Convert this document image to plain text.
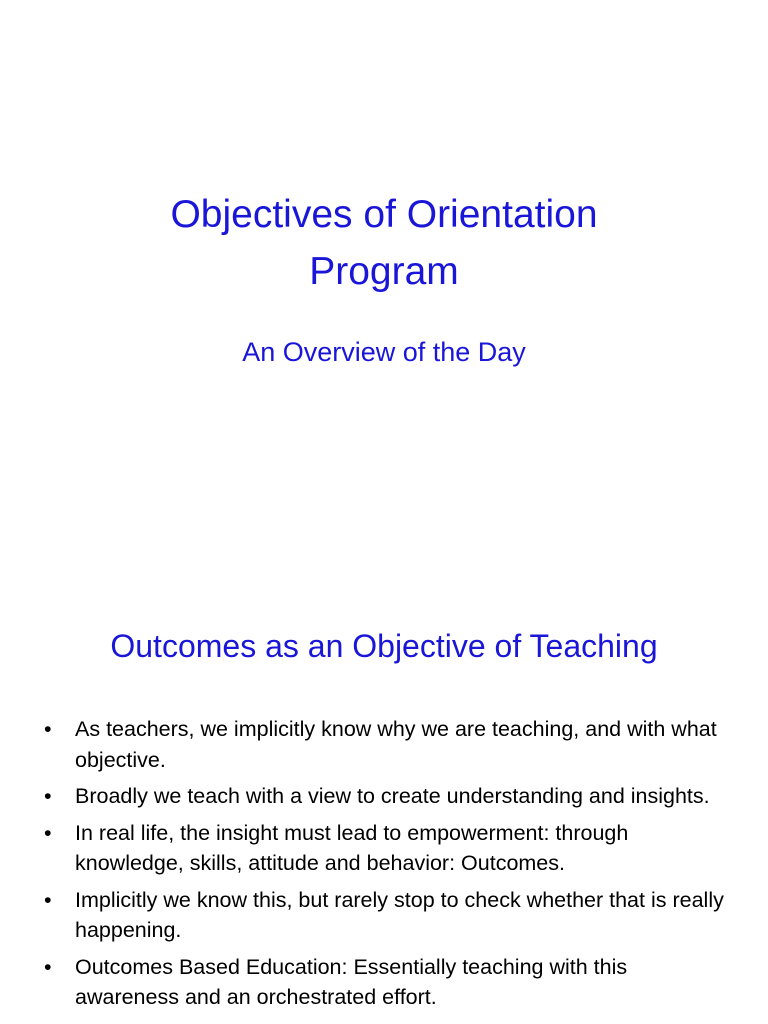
Objectives of Orientation
Program
An Overview of the Day
Outcomes as an Objective of Teaching
• As teachers, we implicitly know why we are teaching, and with what objective.
• Broadly we teach with a view to create understanding and insights.
• In real life, the insight must lead to empowerment: through knowledge, skills, attitude and behavior: Outcomes.
• Implicitly we know this, but rarely stop to check whether that is really happening.
• Outcomes Based Education: Essentially teaching with this awareness and an orchestrated effort.
